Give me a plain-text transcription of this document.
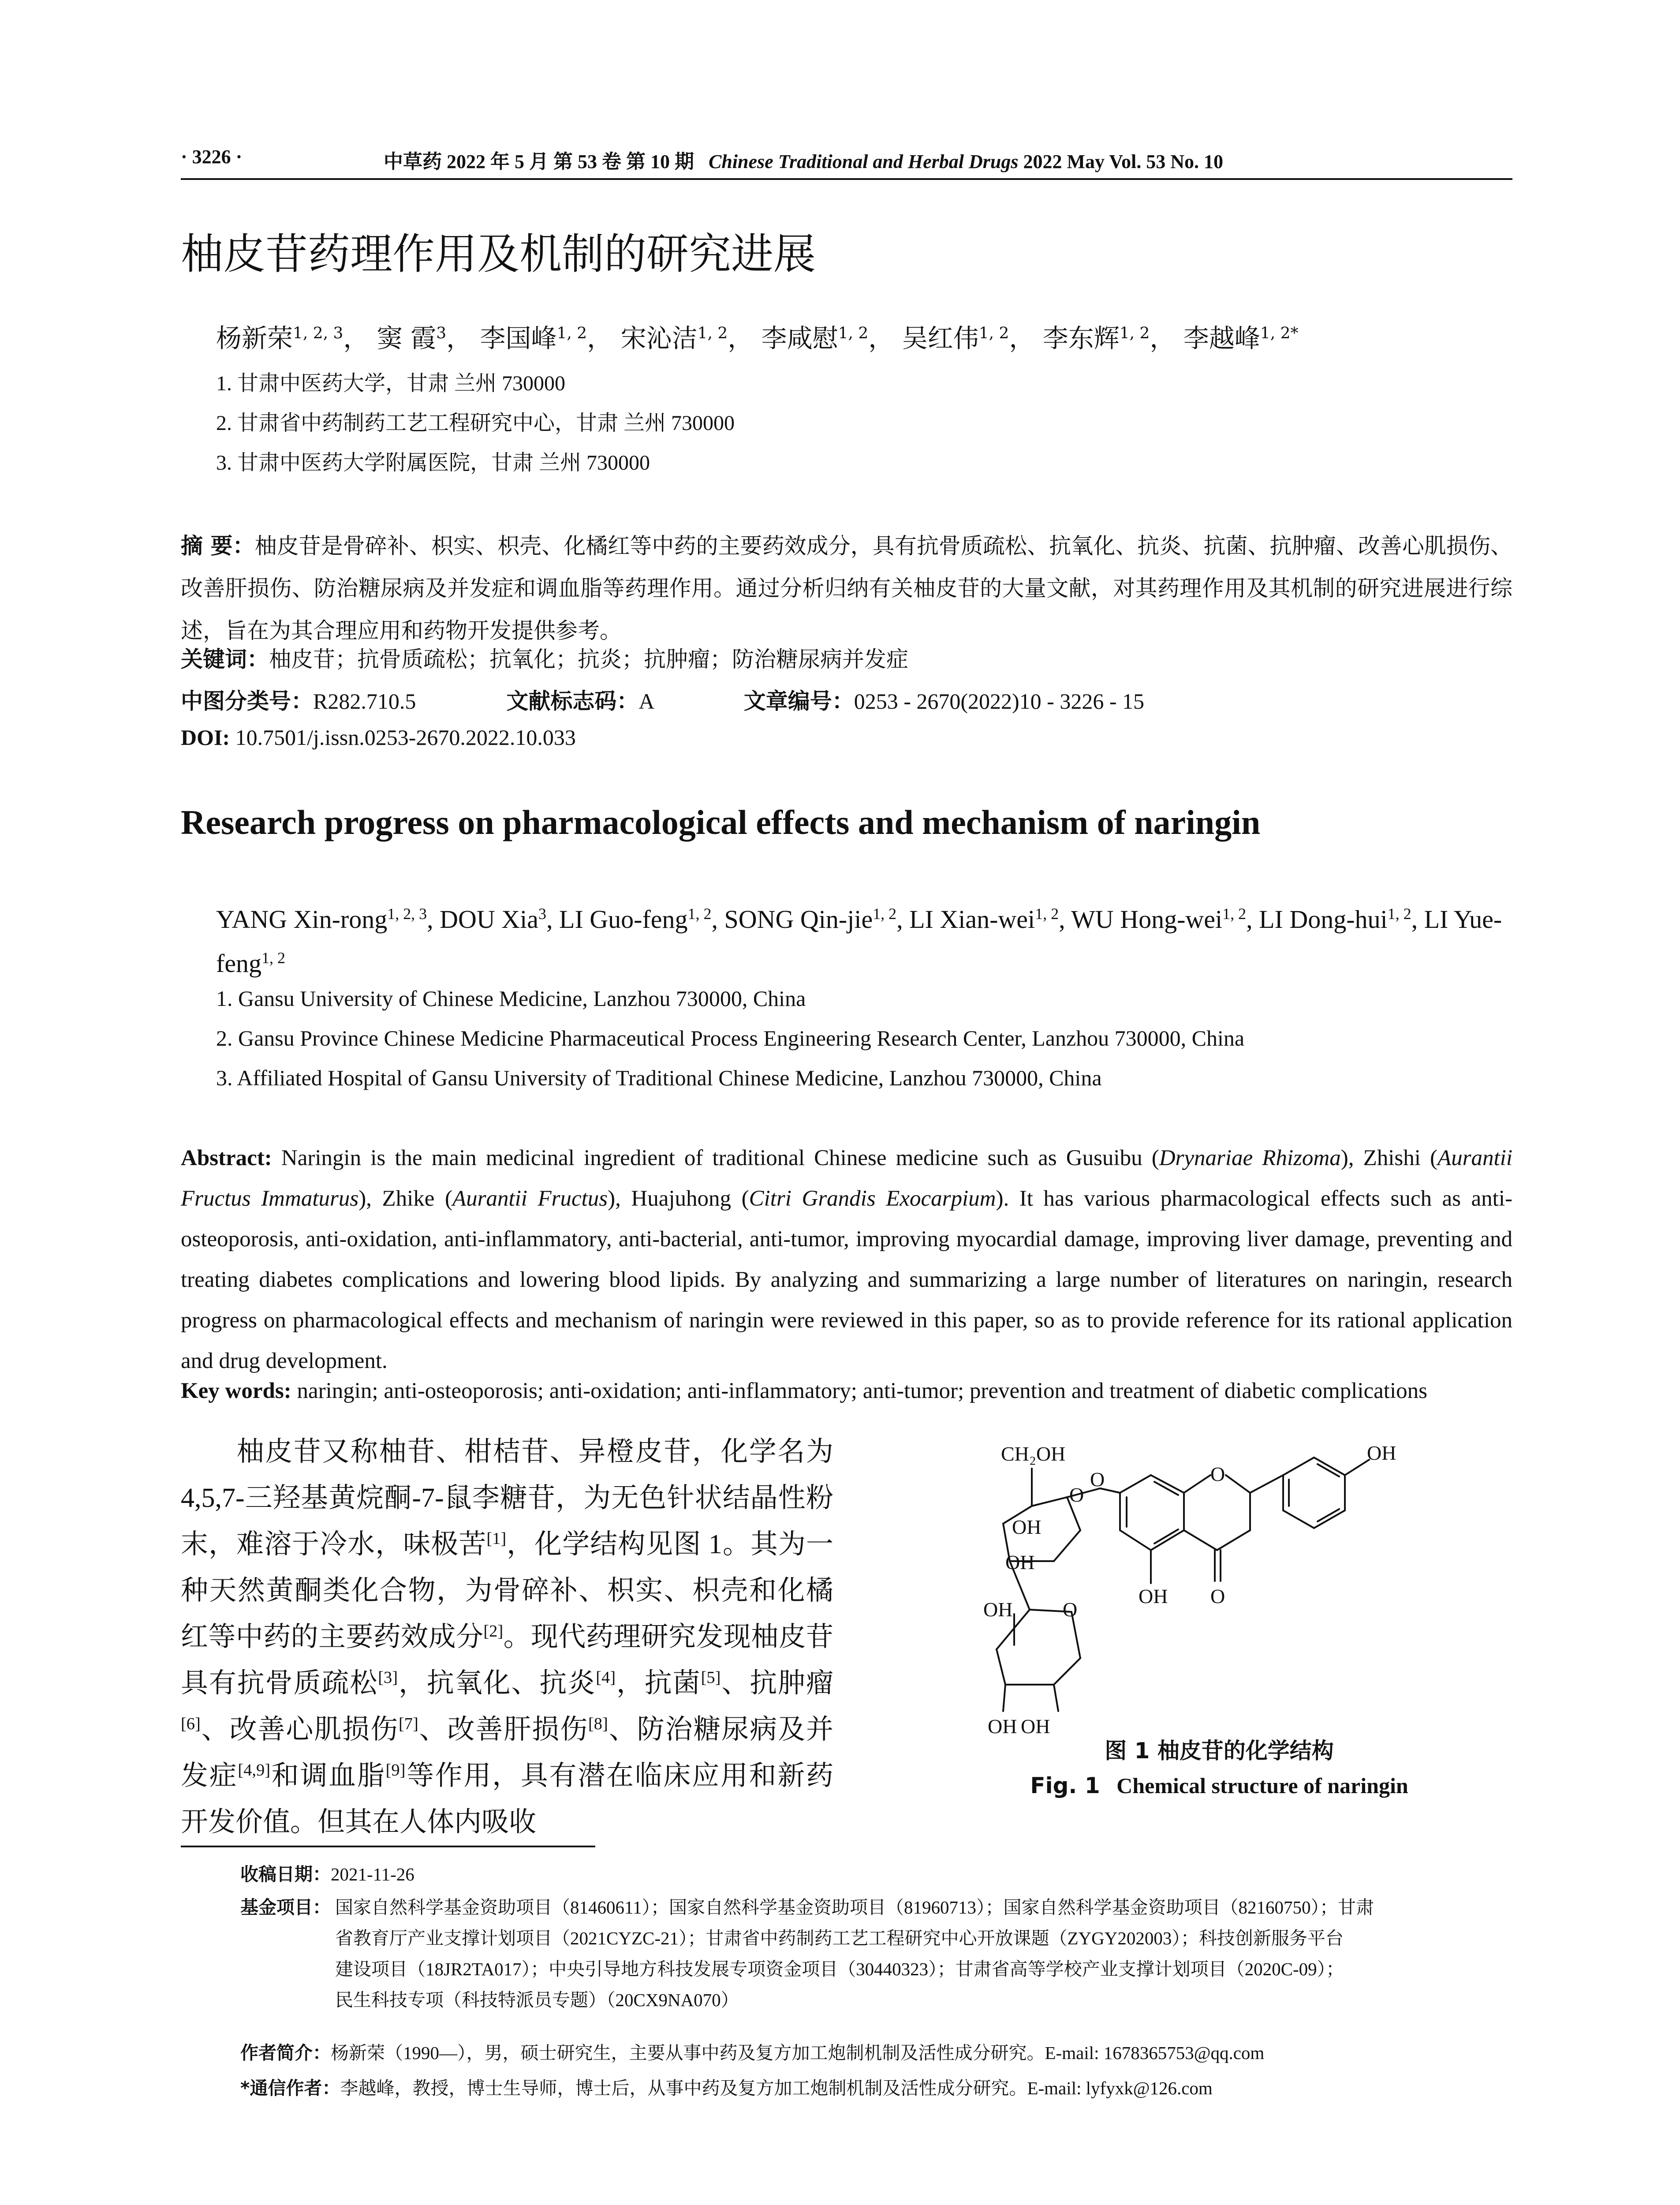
· 3226 ·	中草药 2022 年 5 月 第 53 卷 第 10 期 Chinese Traditional and Herbal Drugs 2022 May Vol. 53 No. 10
柚皮苷药理作用及机制的研究进展
杨新荣$^{1, 2, 3}$， 窦 霞$^3$， 李国峰$^{1, 2}$， 宋沁洁$^{1, 2}$， 李咸慰$^{1, 2}$， 吴红伟$^{1, 2}$， 李东辉$^{1, 2}$， 李越峰$^{1, 2*}$
1. 甘肃中医药大学，甘肃 兰州 730000
2. 甘肃省中药制药工艺工程研究中心，甘肃 兰州 730000
3. 甘肃中医药大学附属医院，甘肃 兰州 730000
摘 要：柚皮苷是骨碎补、枳实、枳壳、化橘红等中药的主要药效成分，具有抗骨质疏松、抗氧化、抗炎、抗菌、抗肿瘤、改善心肌损伤、改善肝损伤、防治糖尿病及并发症和调血脂等药理作用。通过分析归纳有关柚皮苷的大量文献，对其药理作用及其机制的研究进展进行综述，旨在为其合理应用和药物开发提供参考。
关键词：柚皮苷；抗骨质疏松；抗氧化；抗炎；抗肿瘤；防治糖尿病并发症
中图分类号：R282.710.5	文献标志码：A	文章编号：0253 - 2670(2022)10 - 3226 - 15
DOI: 10.7501/j.issn.0253-2670.2022.10.033
Research progress on pharmacological effects and mechanism of naringin
YANG Xin-rong$^{1, 2, 3}$, DOU Xia$^3$, LI Guo-feng$^{1, 2}$, SONG Qin-jie$^{1, 2}$, LI Xian-wei$^{1, 2}$, WU Hong-wei$^{1, 2}$, LI Dong-hui$^{1, 2}$, LI Yue-feng$^{1, 2}$
1. Gansu University of Chinese Medicine, Lanzhou 730000, China
2. Gansu Province Chinese Medicine Pharmaceutical Process Engineering Research Center, Lanzhou 730000, China
3. Affiliated Hospital of Gansu University of Traditional Chinese Medicine, Lanzhou 730000, China
Abstract: Naringin is the main medicinal ingredient of traditional Chinese medicine such as Gusuibu (Drynariae Rhizoma), Zhishi (Aurantii Fructus Immaturus), Zhike (Aurantii Fructus), Huajuhong (Citri Grandis Exocarpium). It has various pharmacological effects such as anti-osteoporosis, anti-oxidation, anti-inflammatory, anti-bacterial, anti-tumor, improving myocardial damage, improving liver damage, preventing and treating diabetes complications and lowering blood lipids. By analyzing and summarizing a large number of literatures on naringin, research progress on pharmacological effects and mechanism of naringin were reviewed in this paper, so as to provide reference for its rational application and drug development.
Key words: naringin; anti-osteoporosis; anti-oxidation; anti-inflammatory; anti-tumor; prevention and treatment of diabetic complications
柚皮苷又称柚苷、柑桔苷、异橙皮苷，化学名为 4,5,7-三羟基黄烷酮-7-鼠李糖苷，为无色针状结晶性粉末，难溶于冷水，味极苦[1]，化学结构见图 1。其为一种天然黄酮类化合物，为骨碎补、枳实、枳壳和化橘红等中药的主要药效成分[2]。现代药理研究发现柚皮苷具有抗骨质疏松[3]，抗氧化、抗炎[4]，抗菌[5]、抗肿瘤[6]、改善心肌损伤[7]、改善肝损伤[8]、防治糖尿病及并发症[4,9]和调血脂[9]等作用，具有潜在临床应用和新药开发价值。但其在人体内吸收
CH₂OH
O
O
OH
OH
O
OH
OH OH
O
OH O
OH
图 1 柚皮苷的化学结构
Fig. 1 Chemical structure of naringin
收稿日期：2021-11-26
基金项目： 国家自然科学基金资助项目（81460611）；国家自然科学基金资助项目（81960713）；国家自然科学基金资助项目（82160750）；甘肃
省教育厅产业支撑计划项目（2021CYZC-21）；甘肃省中药制药工艺工程研究中心开放课题（ZYGY202003）；科技创新服务平台
建设项目（18JR2TA017）；中央引导地方科技发展专项资金项目（30440323）；甘肃省高等学校产业支撑计划项目（2020C-09）；
民生科技专项（科技特派员专题）（20CX9NA070）
作者简介：杨新荣（1990—），男，硕士研究生，主要从事中药及复方加工炮制机制及活性成分研究。E-mail: 1678365753@qq.com
*通信作者：李越峰，教授，博士生导师，博士后，从事中药及复方加工炮制机制及活性成分研究。E-mail: lyfyxk@126.com
